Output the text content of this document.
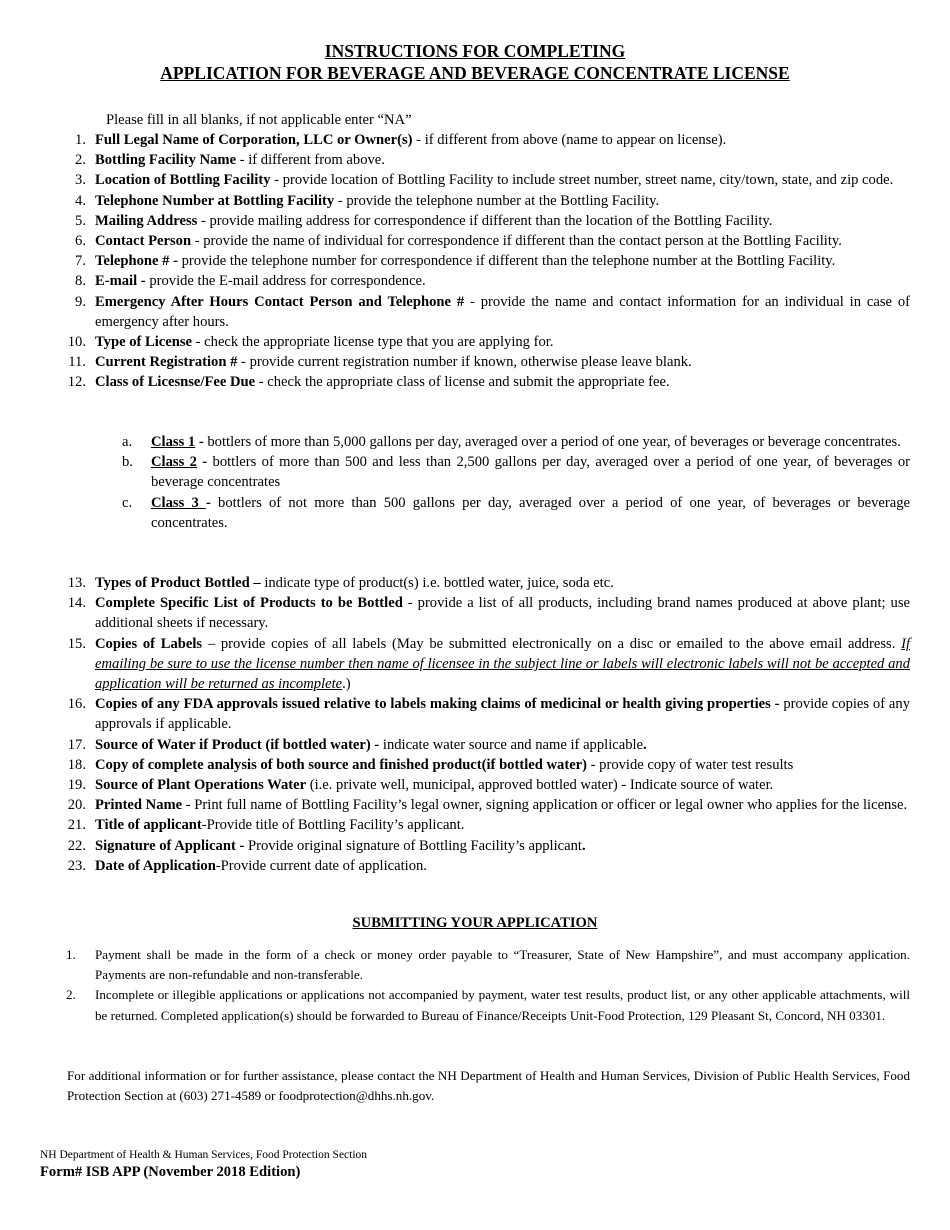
INSTRUCTIONS FOR COMPLETING
APPLICATION FOR BEVERAGE AND BEVERAGE CONCENTRATE LICENSE
Please fill in all blanks, if not applicable enter “NA”
1. Full Legal Name of Corporation, LLC or Owner(s) - if different from above (name to appear on license).
2. Bottling Facility Name - if different from above.
3. Location of Bottling Facility - provide location of Bottling Facility to include street number, street name, city/town, state, and zip code.
4. Telephone Number at Bottling Facility - provide the telephone number at the Bottling Facility.
5. Mailing Address - provide mailing address for correspondence if different than the location of the Bottling Facility.
6. Contact Person - provide the name of individual for correspondence if different than the contact person at the Bottling Facility.
7. Telephone # - provide the telephone number for correspondence if different than the telephone number at the Bottling Facility.
8. E-mail - provide the E-mail address for correspondence.
9. Emergency After Hours Contact Person and Telephone # - provide the name and contact information for an individual in case of emergency after hours.
10. Type of License - check the appropriate license type that you are applying for.
11. Current Registration # - provide current registration number if known, otherwise please leave blank.
12. Class of Licesnse/Fee Due - check the appropriate class of license and submit the appropriate fee.
a. Class 1 - bottlers of more than 5,000 gallons per day, averaged over a period of one year, of beverages or beverage concentrates.
b. Class 2 - bottlers of more than 500 and less than 2,500 gallons per day, averaged over a period of one year, of beverages or beverage concentrates
c. Class 3 - bottlers of not more than 500 gallons per day, averaged over a period of one year, of beverages or beverage concentrates.
13. Types of Product Bottled – indicate type of product(s) i.e. bottled water, juice, soda etc.
14. Complete Specific List of Products to be Bottled - provide a list of all products, including brand names produced at above plant; use additional sheets if necessary.
15. Copies of Labels – provide copies of all labels (May be submitted electronically on a disc or emailed to the above email address. If emailing be sure to use the license number then name of licensee in the subject line or labels will electronic labels will not be accepted and application will be returned as incomplete.)
16. Copies of any FDA approvals issued relative to labels making claims of medicinal or health giving properties - provide copies of any approvals if applicable.
17. Source of Water if Product (if bottled water) - indicate water source and name if applicable.
18. Copy of complete analysis of both source and finished product(if bottled water) - provide copy of water test results
19. Source of Plant Operations Water (i.e. private well, municipal, approved bottled water) - Indicate source of water.
20. Printed Name - Print full name of Bottling Facility’s legal owner, signing application or officer or legal owner who applies for the license.
21. Title of applicant-Provide title of Bottling Facility’s applicant.
22. Signature of Applicant - Provide original signature of Bottling Facility’s applicant.
23. Date of Application-Provide current date of application.
SUBMITTING YOUR APPLICATION
1. Payment shall be made in the form of a check or money order payable to “Treasurer, State of New Hampshire”, and must accompany application. Payments are non-refundable and non-transferable.
2. Incomplete or illegible applications or applications not accompanied by payment, water test results, product list, or any other applicable attachments, will be returned. Completed application(s) should be forwarded to Bureau of Finance/Receipts Unit-Food Protection, 129 Pleasant St, Concord, NH 03301.
For additional information or for further assistance, please contact the NH Department of Health and Human Services, Division of Public Health Services, Food Protection Section at (603) 271-4589 or foodprotection@dhhs.nh.gov.
NH Department of Health & Human Services, Food Protection Section
Form# ISB APP (November 2018 Edition)
